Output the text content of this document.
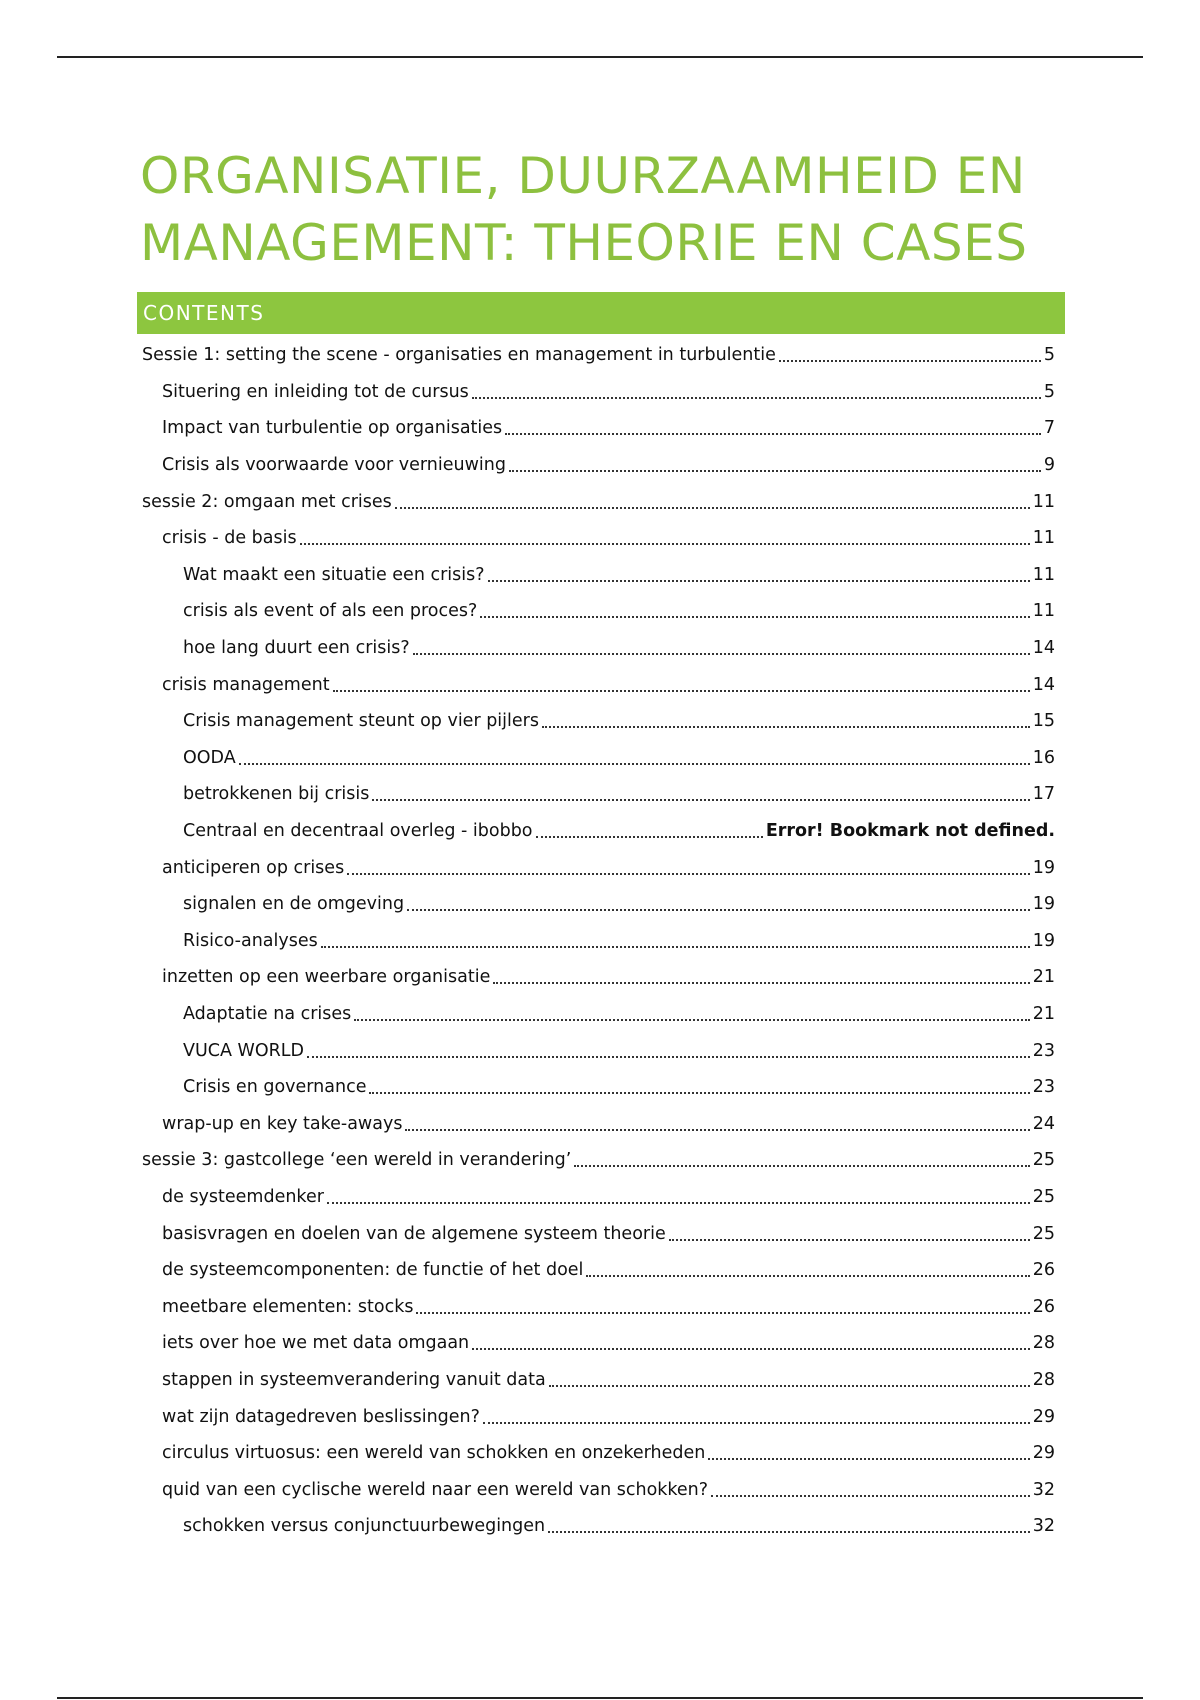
ORGANISATIE, DUURZAAMHEID EN
MANAGEMENT: THEORIE EN CASES
CONTENTS
Sessie 1: setting the scene - organisaties en management in turbulentie	5
Situering en inleiding tot de cursus	5
Impact van turbulentie op organisaties	7
Crisis als voorwaarde voor vernieuwing	9
sessie 2: omgaan met crises	11
crisis - de basis	11
Wat maakt een situatie een crisis?	11
crisis als event of als een proces?	11
hoe lang duurt een crisis?	14
crisis management	14
Crisis management steunt op vier pijlers	15
OODA	16
betrokkenen bij crisis	17
Centraal en decentraal overleg - ibobbo	Error! Bookmark not defined.
anticiperen op crises	19
signalen en de omgeving	19
Risico-analyses	19
inzetten op een weerbare organisatie	21
Adaptatie na crises	21
VUCA WORLD	23
Crisis en governance	23
wrap-up en key take-aways	24
sessie 3: gastcollege ‘een wereld in verandering’	25
de systeemdenker	25
basisvragen en doelen van de algemene systeem theorie	25
de systeemcomponenten: de functie of het doel	26
meetbare elementen: stocks	26
iets over hoe we met data omgaan	28
stappen in systeemverandering vanuit data	28
wat zijn datagedreven beslissingen?	29
circulus virtuosus: een wereld van schokken en onzekerheden	29
quid van een cyclische wereld naar een wereld van schokken?	32
schokken versus conjunctuurbewegingen	32
